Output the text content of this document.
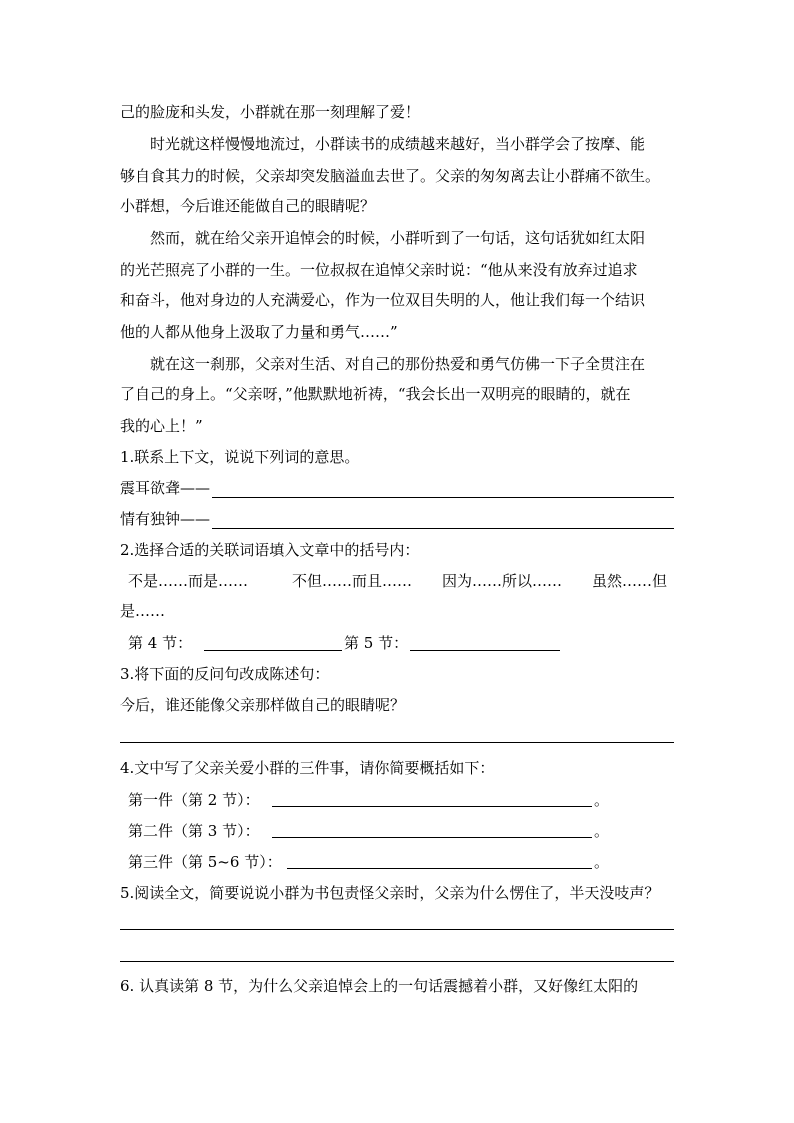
己的脸庞和头发，小群就在那一刻理解了爱！
时光就这样慢慢地流过，小群读书的成绩越来越好，当小群学会了按摩、能
够自食其力的时候，父亲却突发脑溢血去世了。父亲的匆匆离去让小群痛不欲生。
小群想，今后谁还能做自己的眼睛呢？
然而，就在给父亲开追悼会的时候，小群听到了一句话，这句话犹如红太阳
的光芒照亮了小群的一生。一位叔叔在追悼父亲时说：“他从来没有放弃过追求
和奋斗，他对身边的人充满爱心，作为一位双目失明的人，他让我们每一个结识
他的人都从他身上汲取了力量和勇气……”
就在这一刹那，父亲对生活、对自己的那份热爱和勇气仿佛一下子全贯注在
了自己的身上。“父亲呀，”他默默地祈祷，“我会长出一双明亮的眼睛的，就在
我的心上！”
1.联系上下文，说说下列词的意思。
震耳欲聋——
情有独钟——
2.选择合适的关联词语填入文章中的括号内：
不是……而是……	不但……而且…… 因为……所以…… 虽然……但
是……
第 4 节：	第 5 节：
3.将下面的反问句改成陈述句：
今后，谁还能像父亲那样做自己的眼睛呢？
4.文中写了父亲关爱小群的三件事，请你简要概括如下：
第一件（第 2 节）：	。
第二件（第 3 节）：	。
第三件（第 5~6 节）：	。
5.阅读全文，简要说说小群为书包责怪父亲时，父亲为什么愣住了，半天没吱声？
6. 认真读第 8 节，为什么父亲追悼会上的一句话震撼着小群，又好像红太阳的
